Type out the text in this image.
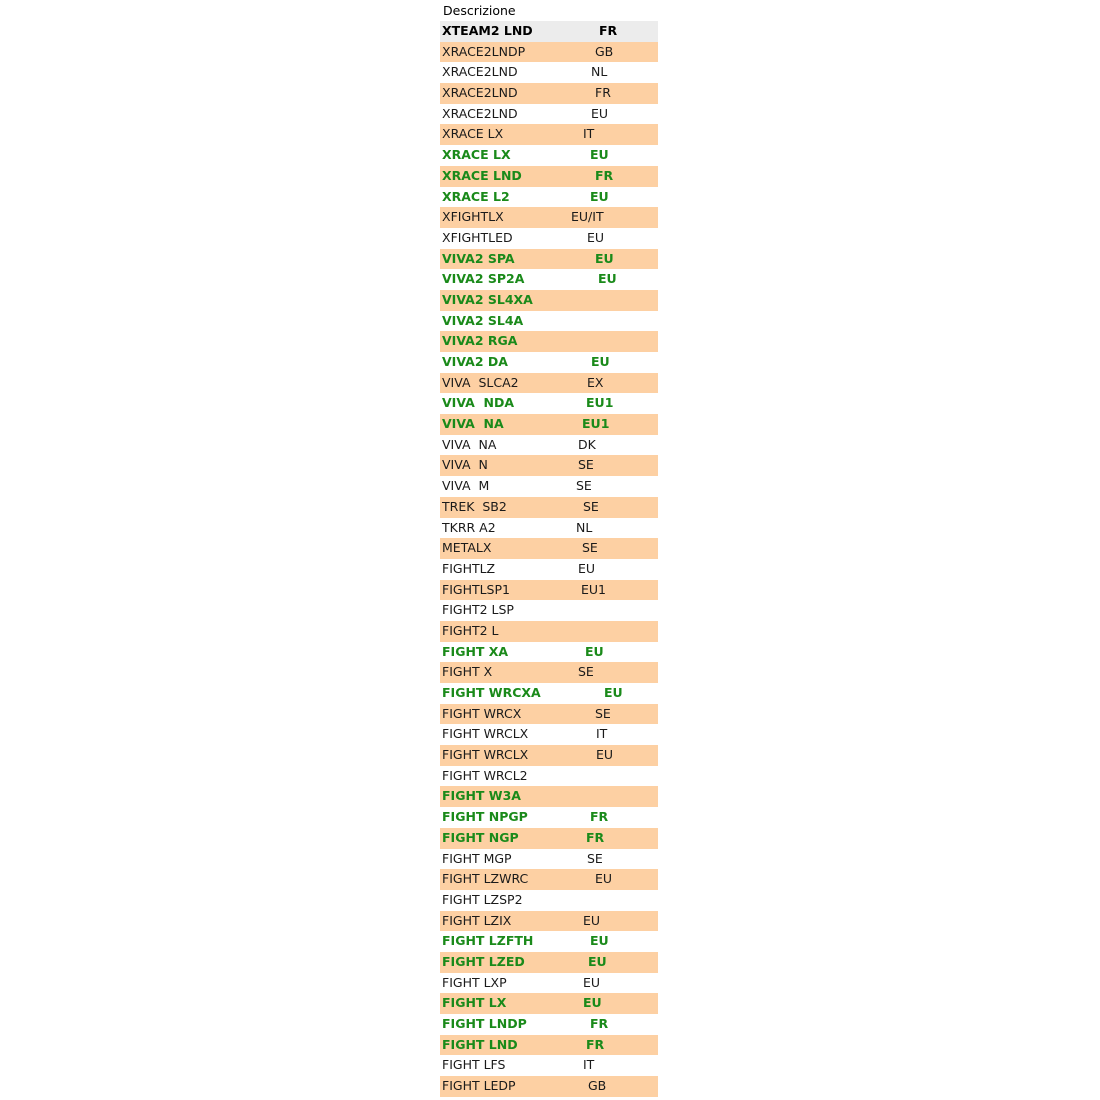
Descrizione
XTEAM2 LND	FR
XRACE2LNDP	GB
XRACE2LND	NL
XRACE2LND	FR
XRACE2LND	EU
XRACE LX	IT
XRACE LX	EU
XRACE LND	FR
XRACE L2	EU
XFIGHTLX	EU/IT
XFIGHTLED	EU
VIVA2 SPA	EU
VIVA2 SP2A	EU
VIVA2 SL4XA
VIVA2 SL4A
VIVA2 RGA
VIVA2 DA	EU
VIVA  SLCA2	EX
VIVA  NDA	EU1
VIVA  NA	EU1
VIVA  NA	DK
VIVA  N	SE
VIVA  M	SE
TREK  SB2	SE
TKRR A2	NL
METALX	SE
FIGHTLZ	EU
FIGHTLSP1	EU1
FIGHT2 LSP
FIGHT2 L
FIGHT XA	EU
FIGHT X	SE
FIGHT WRCXA	EU
FIGHT WRCX	SE
FIGHT WRCLX	IT
FIGHT WRCLX	EU
FIGHT WRCL2
FIGHT W3A
FIGHT NPGP	FR
FIGHT NGP	FR
FIGHT MGP	SE
FIGHT LZWRC	EU
FIGHT LZSP2
FIGHT LZIX	EU
FIGHT LZFTH	EU
FIGHT LZED	EU
FIGHT LXP	EU
FIGHT LX	EU
FIGHT LNDP	FR
FIGHT LND	FR
FIGHT LFS	IT
FIGHT LEDP	GB
